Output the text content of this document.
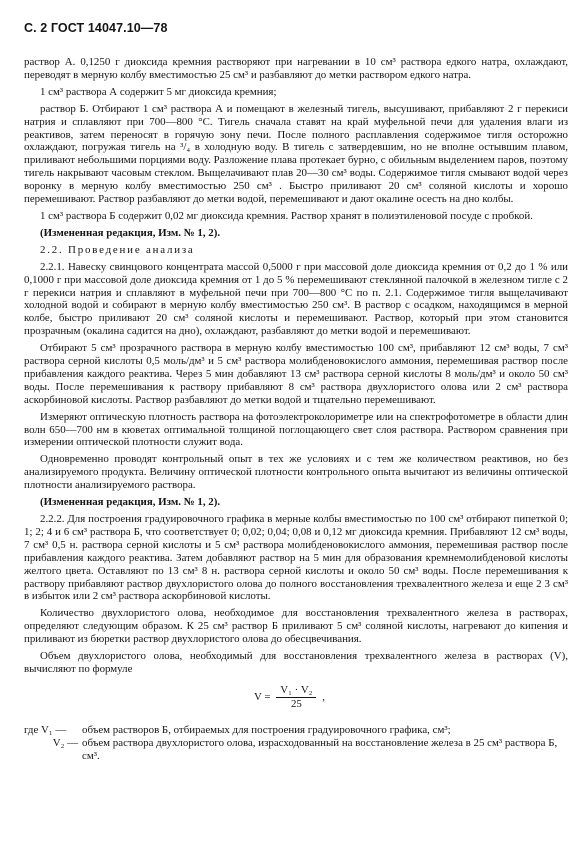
С. 2 ГОСТ 14047.10—78

раствор А. 0,1250 г диоксида кремния растворяют при нагревании в 10 см³ раствора едкого натра, охлаждают, переводят в мерную колбу вместимостью 25 см³ и разбавляют до метки раствором едкого натра.

1 см³ раствора А содержит 5 мг диоксида кремния;

раствор Б. Отбирают 1 см³ раствора А и помещают в железный тигель, высушивают, прибавляют 2 г перекиси натрия и сплавляют при 700—800 °С. Тигель сначала ставят на край муфельной печи для удаления влаги из реактивов, затем переносят в горячую зону печи. После полного расплавления содержимое тигля осторожно охлаждают, погружая тигель на ³/₄ в холодную воду. В тигель с затвердевшим, но не вполне остывшим плавом, приливают небольшими порциями воду. Разложение плава протекает бурно, с обильным выделением паров, поэтому тигель накрывают часовым стеклом. Выщелачивают плав 20—30 см³ воды. Содержимое тигля смывают водой через воронку в мерную колбу вместимостью 250 см³ . Быстро приливают 20 см³ соляной кислоты и хорошо перемешивают. Раствор разбавляют до метки водой, перемешивают и дают окалине осесть на дно колбы.

1 см³ раствора Б содержит 0,02 мг диоксида кремния. Раствор хранят в полиэтиленовой посуде с пробкой.

(Измененная редакция, Изм. № 1, 2).

2.2. Проведение анализа

2.2.1. Навеску свинцового концентрата массой 0,5000 г при массовой доле диоксида кремния от 0,2 до 1 % или 0,1000 г при массовой доле диоксида кремния от 1 до 5 % перемешивают стеклянной палочкой в железном тигле с 2 г перекиси натрия и сплавляют в муфельной печи при 700—800 °С по п. 2.1. Содержимое тигля выщелачивают холодной водой и собирают в мерную колбу вместимостью 250 см³. В раствор с осадком, находящимся в мерной колбе, быстро приливают 20 см³ соляной кислоты и перемешивают. Раствор, который при этом становится прозрачным (окалина садится на дно), охлаждают, разбавляют до метки водой и перемешивают.

Отбирают 5 см³ прозрачного раствора в мерную колбу вместимостью 100 см³, прибавляют 12 см³ воды, 7 см³ раствора серной кислоты 0,5 моль/дм³ и 5 см³ раствора молибденовокислого аммония, перемешивая раствор после прибавления каждого реактива. Через 5 мин добавляют 13 см³ раствора серной кислоты 8 моль/дм³ и около 50 см³ воды. После перемешивания к раствору прибавляют 8 см³ раствора двухлористого олова или 2 см³ раствора аскорбиновой кислоты. Раствор разбавляют до метки водой и тщательно перемешивают.

Измеряют оптическую плотность раствора на фотоэлектроколориметре или на спектрофотометре в области длин волн 650—700 нм в кюветах оптимальной толщиной поглощающего свет слоя раствора. Раствором сравнения при измерении оптической плотности служит вода.

Одновременно проводят контрольный опыт в тех же условиях и с тем же количеством реактивов, но без анализируемого продукта. Величину оптической плотности контрольного опыта вычитают из величины оптической плотности анализируемого раствора.

(Измененная редакция, Изм. № 1, 2).

2.2.2. Для построения градуировочного графика в мерные колбы вместимостью по 100 см³ отбирают пипеткой 0; 1; 2; 4 и 6 см³ раствора Б, что соответствует 0; 0,02; 0,04; 0,08 и 0,12 мг диоксида кремния. Прибавляют 12 см³ воды, 7 см³ 0,5 н. раствора серной кислоты и 5 см³ раствора молибденовокислого аммония, перемешивая раствор после прибавления каждого реактива. Затем добавляют раствор на 5 мин для образования кремнемолибденовой кислоты желтого цвета. Оставляют по 13 см³ 8 н. раствора серной кислоты и около 50 см³ воды. После перемешивания к раствору прибавляют раствор двухлористого олова до полного восстановления трехвалентного железа и еще 2 3 см³ в избыток или 2 см³ раствора аскорбиновой кислоты.

Количество двухлористого олова, необходимое для восстановления трехвалентного железа в растворах, определяют следующим образом. К 25 см³ раствор Б приливают 5 см³ соляной кислоты, нагревают до кипения и приливают из бюретки раствор двухлористого олова до обесцвечивания.

Объем двухлористого олова, необходимый для восстановления трехвалентного железа в растворах (V), вычисляют по формуле

$V = \frac{\text{V₁ · V₂}}{25}$ ,
где V₁ —	объем растворов Б, отбираемых для построения градуировочного графика, см³;
V₂ — объем раствора двухлористого олова, израсходованный на восстановление железа в 25 см³ раствора Б, см³.
